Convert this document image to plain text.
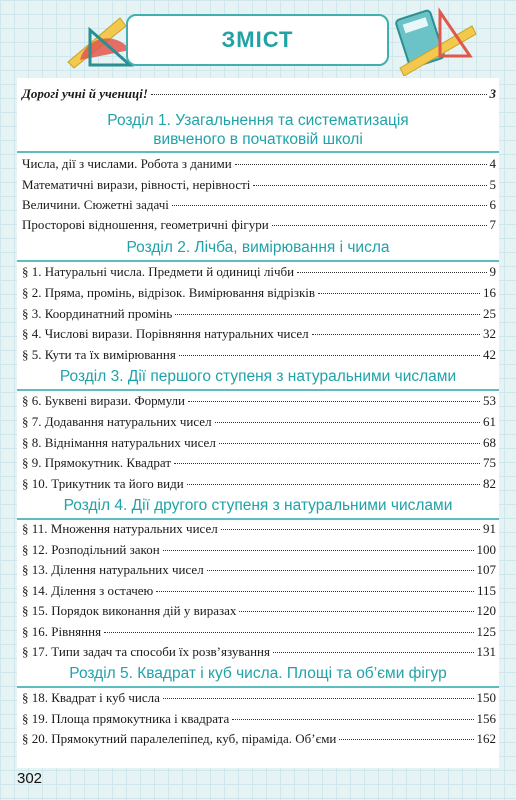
ЗМІСТ
Дорогі учні й учениці!	3
Розділ 1. Узагальнення та систематизація
вивченого в початковій школі
Числа, дії з числами. Робота з даними	4
Математичні вирази, рівності, нерівності	5
Величини. Сюжетні задачі	6
Просторові відношення, геометричні фігури	7
Розділ 2. Лічба, вимірювання і числа
§ 1. Натуральні числа. Предмети й одиниці лічби	9
§ 2. Пряма, промінь, відрізок. Вимірювання відрізків	16
§ 3. Координатний промінь	25
§ 4. Числові вирази. Порівняння натуральних чисел	32
§ 5. Кути та їх вимірювання	42
Розділ 3. Дії першого ступеня з натуральними числами
§ 6. Буквені вирази. Формули	53
§ 7. Додавання натуральних чисел	61
§ 8. Віднімання натуральних чисел	68
§ 9. Прямокутник. Квадрат	75
§ 10. Трикутник та його види	82
Розділ 4. Дії другого ступеня з натуральними числами
§ 11. Множення натуральних чисел	91
§ 12. Розподільний закон	100
§ 13. Ділення натуральних чисел	107
§ 14. Ділення з остачею	115
§ 15. Порядок виконання дій у виразах	120
§ 16. Рівняння	125
§ 17. Типи задач та способи їх розв’язування	131
Розділ 5. Квадрат і куб числа. Площі та об’єми фігур
§ 18. Квадрат і куб числа	150
§ 19. Площа прямокутника і квадрата	156
§ 20. Прямокутний паралелепіпед, куб, піраміда. Об’єми	162
302
